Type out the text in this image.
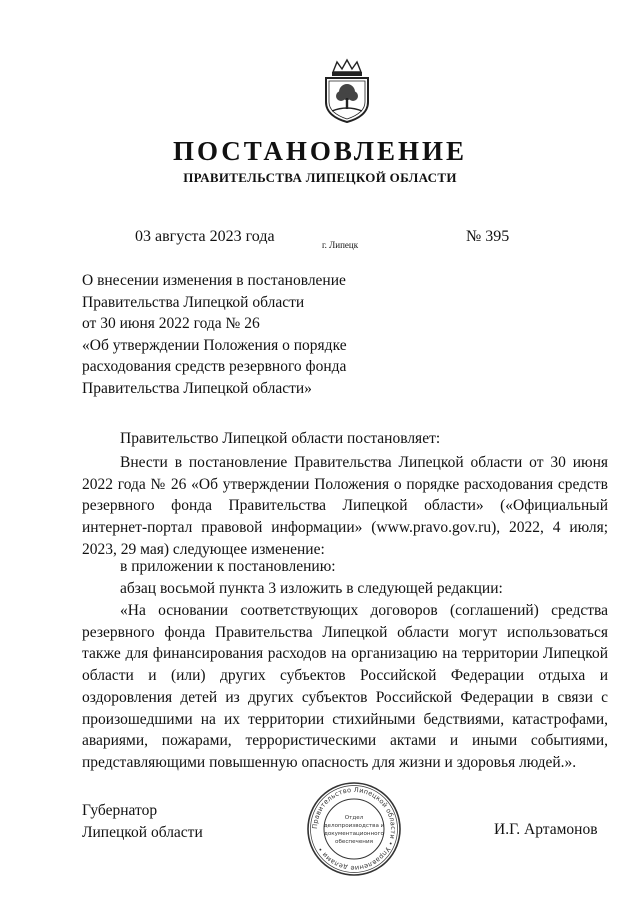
ПОСТАНОВЛЕНИЕ
ПРАВИТЕЛЬСТВА ЛИПЕЦКОЙ ОБЛАСТИ
03 августа 2023 года	г. Липецк	№ 395
О внесении изменения в постановление
Правительства Липецкой области
от 30 июня 2022 года № 26
«Об утверждении Положения о порядке
расходования средств резервного фонда
Правительства Липецкой области»
Правительство Липецкой области постановляет:
Внести в постановление Правительства Липецкой области от 30 июня 2022 года № 26 «Об утверждении Положения о порядке расходования средств резервного фонда Правительства Липецкой области» («Официальный интернет-портал правовой информации» (www.pravo.gov.ru), 2022, 4 июля; 2023, 29 мая) следующее изменение:
в приложении к постановлению:
абзац восьмой пункта 3 изложить в следующей редакции:
«На основании соответствующих договоров (соглашений) средства резервного фонда Правительства Липецкой области могут использоваться также для финансирования расходов на организацию на территории Липецкой области и (или) других субъектов Российской Федерации отдыха и оздоровления детей из других субъектов Российской Федерации в связи с произошедшими на их территории стихийными бедствиями, катастрофами, авариями, пожарами, террористическими актами и иными событиями, представляющими повышенную опасность для жизни и здоровья людей.».
Губернатор
Липецкой области	И.Г. Артамонов
Правительство Липецкой области • Управление делами •
Отдел
делопроизводства и
документационного
обеспечения
